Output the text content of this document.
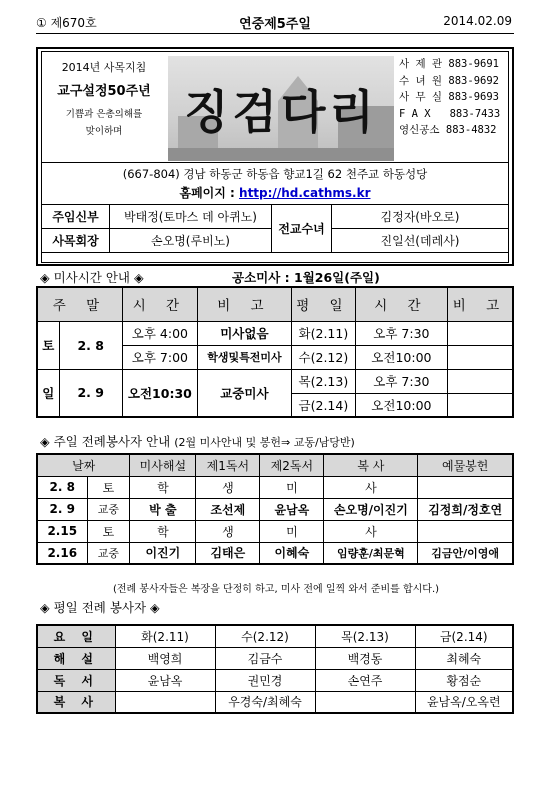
① 제670호	연중제5주일	2014.02.09
2014년 사목지침
교구설정50주년
기쁨과 은총의해를
맞이하며	징검다리
사 제 관 883-9691
수 녀 원 883-9692
사 무 실 883-9693
F A X 883-7433
영신공소 883-4832
(667-804) 경남 하동군 하동읍 향교1길 62 천주교 하동성당
홈페이지 : http://hd.cathms.kr
주임신부	박태정(토마스 데 아퀴노)	전교수녀	김정자(바오로)
사목회장	손오명(루비노)		진일선(데레사)
◈ 미사시간 안내 ◈	공소미사 : 1월26일(주일)
주 말		시 간	비 고	평 일	시 간	비 고
토	2. 8	오후 4:00	미사없음	화(2.11)	오후 7:30	
		오후 7:00	학생및특전미사	수(2.12)	오전10:00	
일	2. 9	오전10:30	교중미사	목(2.13)	오후 7:30	
				금(2.14)	오전10:00	
◈ 주일 전례봉사자 안내 (2월 미사안내 및 봉헌⇒ 교동/남당반)
날짜		미사해설	제1독서	제2독서	복 사	예물봉헌
2. 8	토	학	생	미	사	
2. 9	교중	박 출	조선제	윤남옥	손오명/이진기	김정희/정호연
2.15	토	학	생	미	사	
2.16	교중	이진기	김태은	이혜숙	임량훈/최문혁	김금안/이영애
(전례 봉사자들은 복장을 단정히 하고, 미사 전에 일찍 와서 준비를 합시다.)
◈ 평일 전례 봉사자 ◈
요 일	화(2.11)	수(2.12)	목(2.13)	금(2.14)
해 설	백영희	김금수	백경동	최혜숙
독 서	윤남옥	권민경	손연주	황점순
복 사		우경숙/최혜숙		윤남옥/오옥련
